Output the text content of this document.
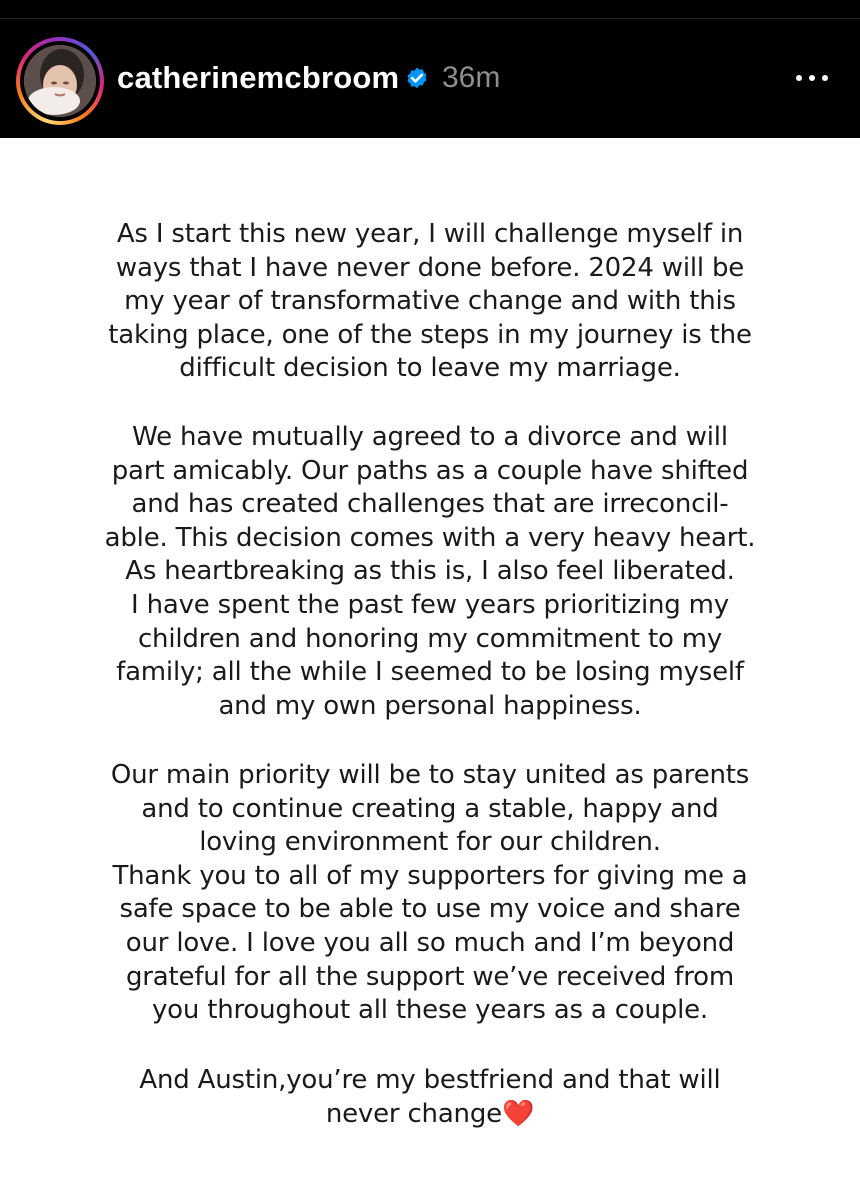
catherinemcbroom 36m
As I start this new year, I will challenge myself in
ways that I have never done before. 2024 will be
my year of transformative change and with this
taking place, one of the steps in my journey is the
difficult decision to leave my marriage.
We have mutually agreed to a divorce and will
part amicably. Our paths as a couple have shifted
and has created challenges that are irreconcil-
able. This decision comes with a very heavy heart.
As heartbreaking as this is, I also feel liberated.
I have spent the past few years prioritizing my
children and honoring my commitment to my
family; all the while I seemed to be losing myself
and my own personal happiness.
Our main priority will be to stay united as parents
and to continue creating a stable, happy and
loving environment for our children.
Thank you to all of my supporters for giving me a
safe space to be able to use my voice and share
our love. I love you all so much and I’m beyond
grateful for all the support we’ve received from
you throughout all these years as a couple.
And Austin,you’re my bestfriend and that will
never change❤️
